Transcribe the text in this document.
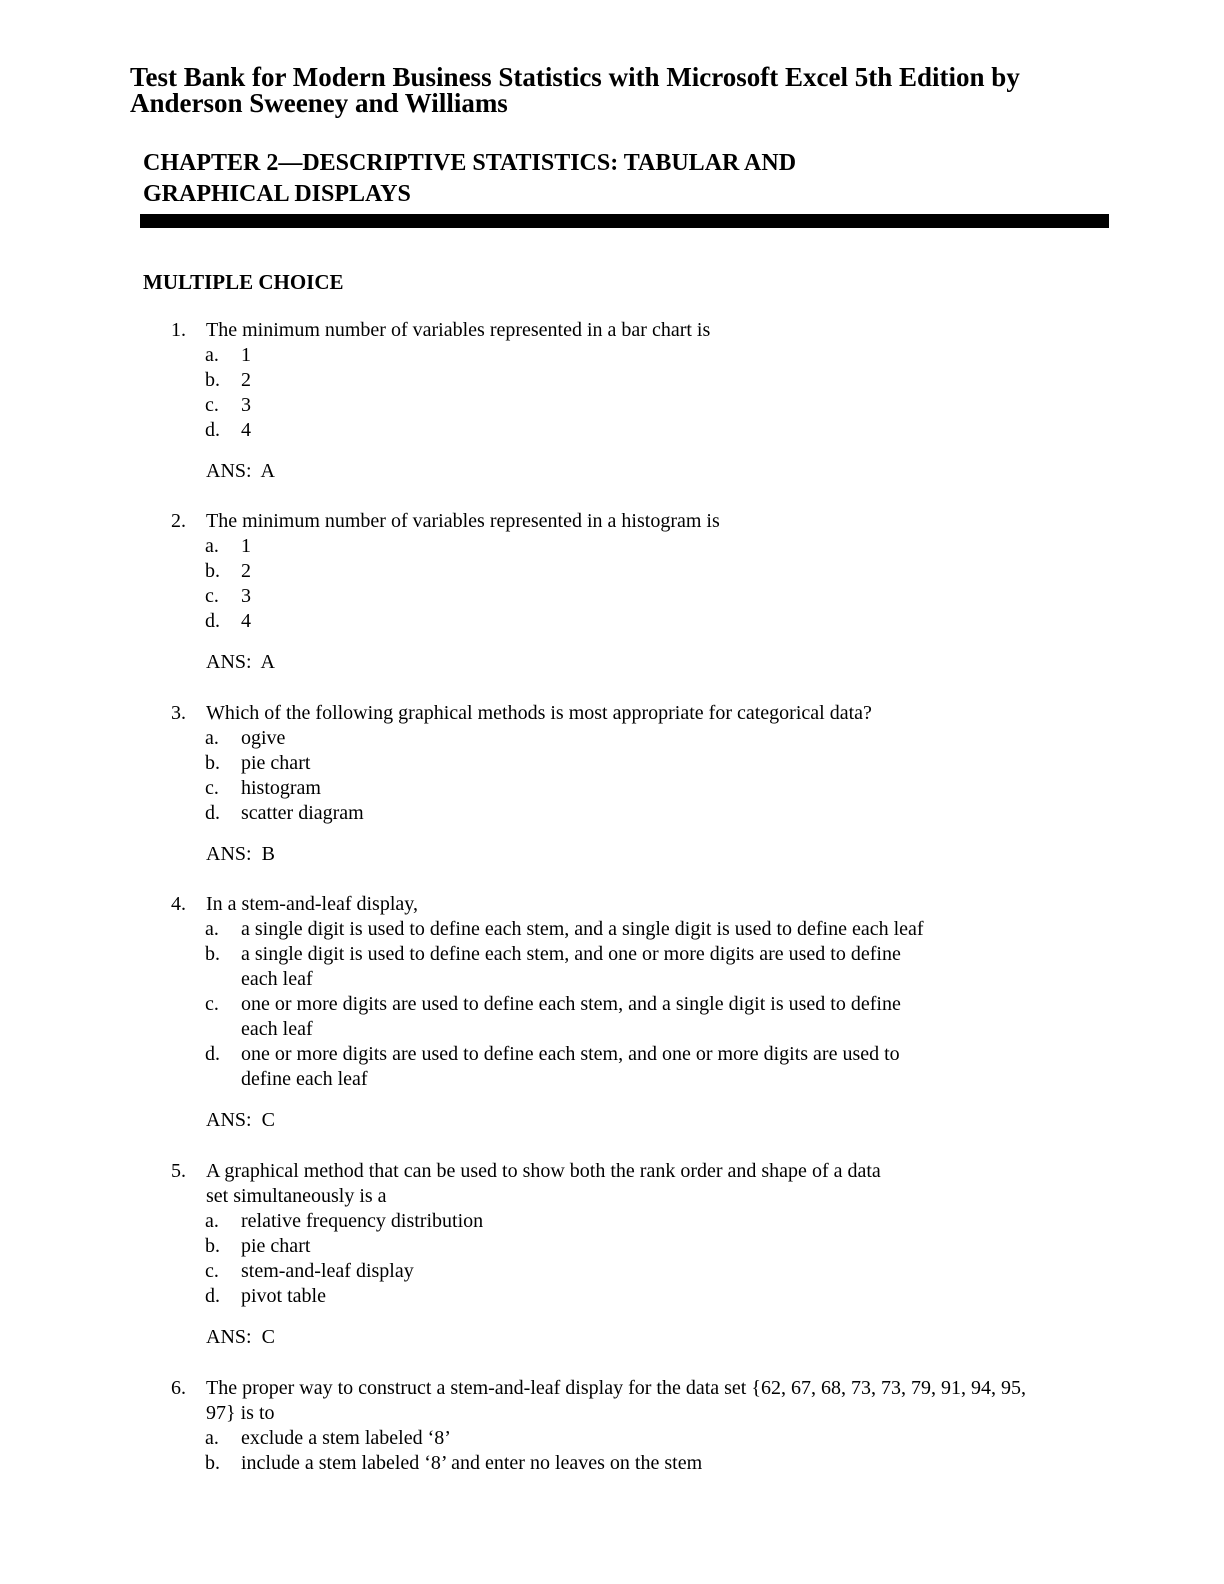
Test Bank for Modern Business Statistics with Microsoft Excel 5th Edition by
Anderson Sweeney and Williams
CHAPTER 2—DESCRIPTIVE STATISTICS: TABULAR AND
GRAPHICAL DISPLAYS
MULTIPLE CHOICE
1. The minimum number of variables represented in a bar chart is
a. 1
b. 2
c. 3
d. 4
ANS:  A
2. The minimum number of variables represented in a histogram is
a. 1
b. 2
c. 3
d. 4
ANS:  A
3. Which of the following graphical methods is most appropriate for categorical data?
a. ogive
b. pie chart
c. histogram
d. scatter diagram
ANS:  B
4. In a stem-and-leaf display,
a. a single digit is used to define each stem, and a single digit is used to define each leaf
b. a single digit is used to define each stem, and one or more digits are used to define
each leaf
c. one or more digits are used to define each stem, and a single digit is used to define
each leaf
d. one or more digits are used to define each stem, and one or more digits are used to
define each leaf
ANS:  C
5. A graphical method that can be used to show both the rank order and shape of a data
set simultaneously is a
a. relative frequency distribution
b. pie chart
c. stem-and-leaf display
d. pivot table
ANS:  C
6. The proper way to construct a stem-and-leaf display for the data set {62, 67, 68, 73, 73, 79, 91, 94, 95,
97} is to
a. exclude a stem labeled ‘8’
b. include a stem labeled ‘8’ and enter no leaves on the stem
